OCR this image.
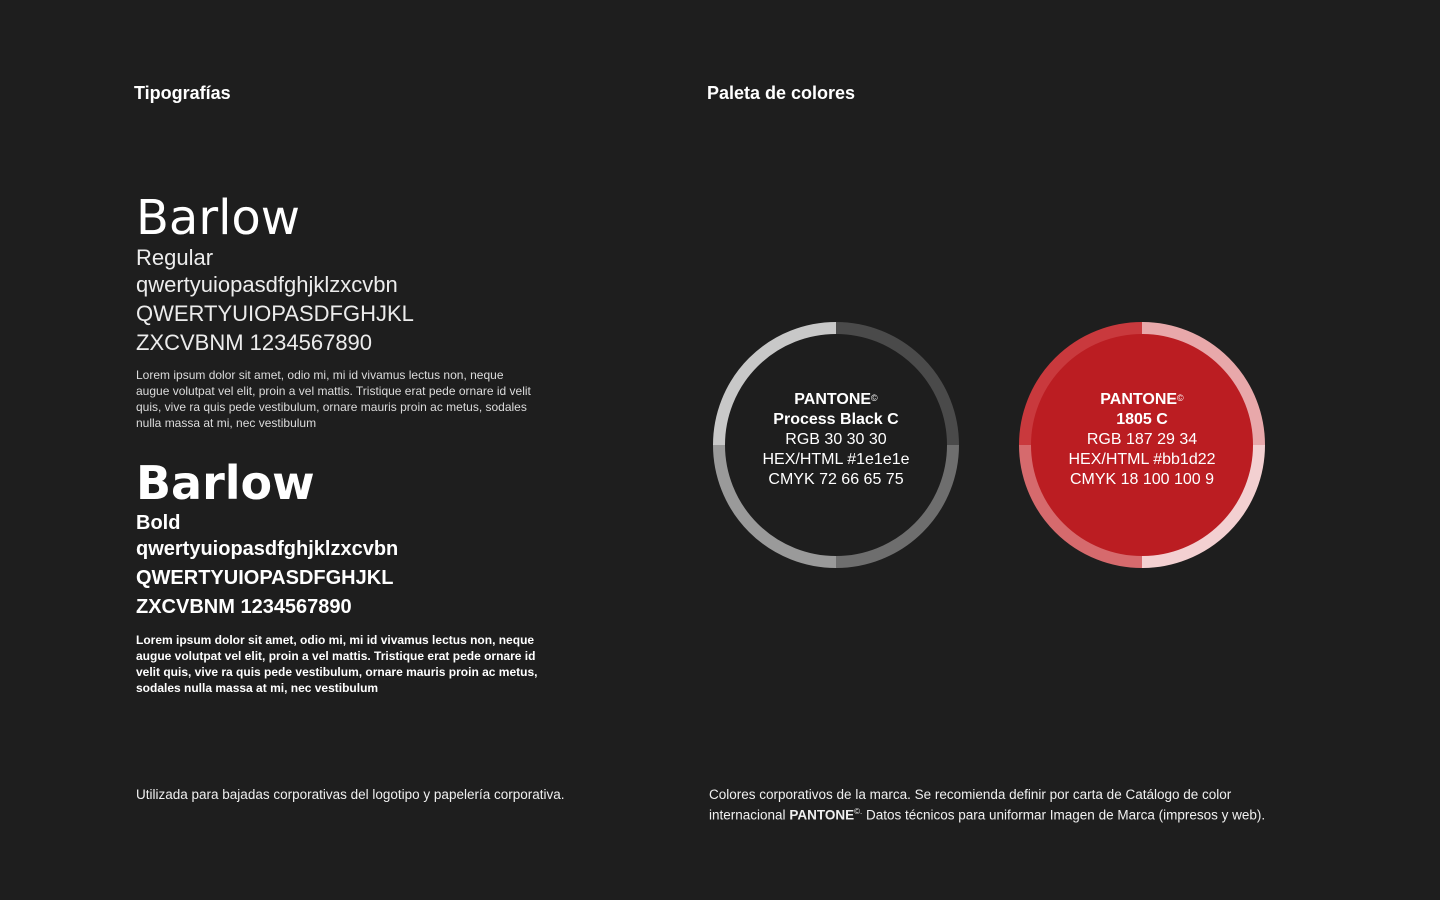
Tipografías	Paleta de colores
Barlow
Regular
qwertyuiopasdfghjklzxcvbn
QWERTYUIOPASDFGHJKL
ZXCVBNM 1234567890
Lorem ipsum dolor sit amet, odio mi, mi id vivamus lectus non, neque augue volutpat vel elit, proin a vel mattis. Tristique erat pede ornare id velit quis, vive ra quis pede vestibulum, ornare mauris proin ac metus, sodales nulla massa at mi, nec vestibulum
Barlow
Bold
qwertyuiopasdfghjklzxcvbn
QWERTYUIOPASDFGHJKL
ZXCVBNM 1234567890
Lorem ipsum dolor sit amet, odio mi, mi id vivamus lectus non, neque augue volutpat vel elit, proin a vel mattis. Tristique erat pede ornare id velit quis, vive ra quis pede vestibulum, ornare mauris proin ac metus, sodales nulla massa at mi, nec vestibulum
PANTONE©
Process Black C
RGB 30 30 30
HEX/HTML #1e1e1e
CMYK 72 66 65 75
PANTONE©
1805 C
RGB 187 29 34
HEX/HTML #bb1d22
CMYK 18 100 100 9
Utilizada para bajadas corporativas del logotipo y papelería corporativa.	Colores corporativos de la marca. Se recomienda definir por carta de Catálogo de color internacional PANTONE©. Datos técnicos para uniformar Imagen de Marca (impresos y web).
